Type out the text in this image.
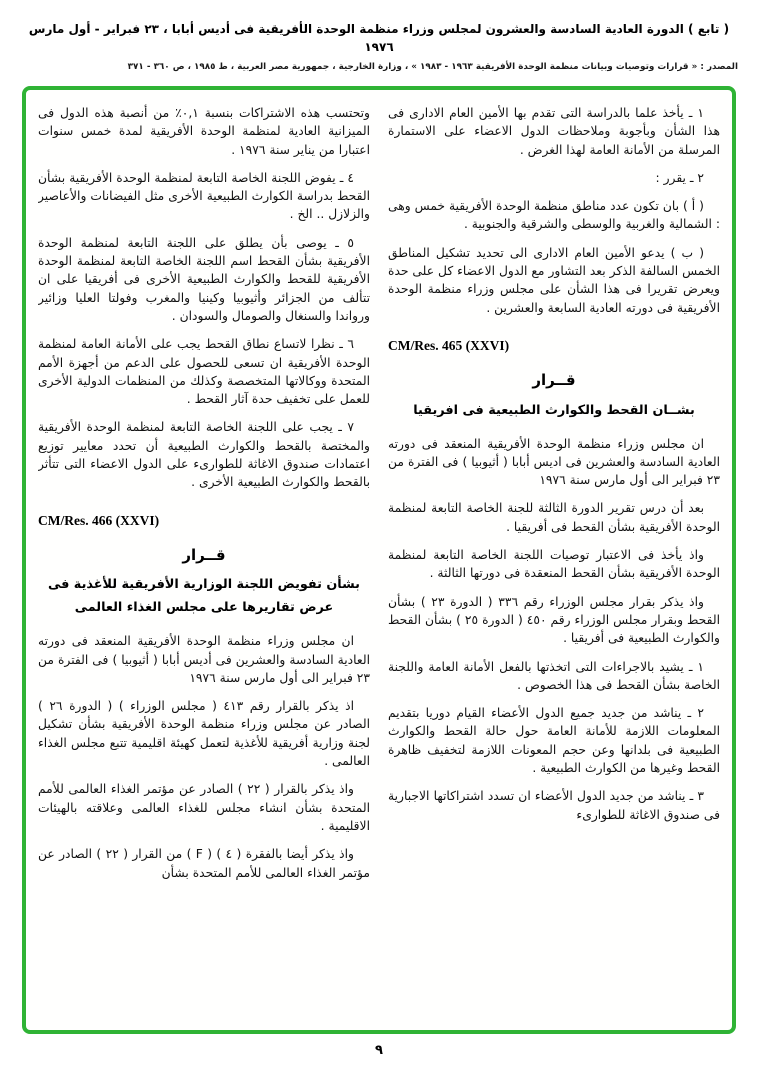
( تابع ) الدورة العادية السادسة والعشرون لمجلس وزراء منظمة الوحدة الأفريقية فى أديس أبابا ، ٢٣ فبراير - أول مارس ١٩٧٦
المصدر : « قرارات وتوصيات وبيانات منظمة الوحدة الأفريقية ١٩٦٣ - ١٩٨٣ » ، وزارة الخارجية ، جمهورية مصر العربية ، ط ١٩٨٥ ، ص ٣٦٠ - ٣٧١

١ ـ يأخذ علما بالدراسة التى تقدم بها الأمين العام الادارى فى هذا الشأن وبأجوبة وملاحظات الدول الاعضاء على الاستمارة المرسلة من الأمانة العامة لهذا الغرض .

٢ ـ يقرر :

( أ ) بان تكون عدد مناطق منظمة الوحدة الأفريقية خمس وهى : الشمالية والغربية والوسطى والشرقية والجنوبية .

( ب ) يدعو الأمين العام الادارى الى تحديد تشكيل المناطق الخمس السالفة الذكر بعد التشاور مع الدول الاعضاء كل على حدة ويعرض تقريرا فى هذا الشأن على مجلس وزراء منظمة الوحدة الأفريقية فى دورته العادية السابعة والعشرين .

CM/Res. 465 (XXVI)

قــرار

بشــان القحط والكوارث الطبيعية فى افريقيا

ان مجلس وزراء منظمة الوحدة الأفريقية المنعقد فى دورته العادية السادسة والعشرين فى اديس أبابا ( أثيوبيا ) فى الفترة من ٢٣ فبراير الى أول مارس سنة ١٩٧٦

بعد أن درس تقرير الدورة الثالثة للجنة الخاصة التابعة لمنظمة الوحدة الأفريقية بشأن القحط فى أفريقيا .

واذ يأخذ فى الاعتبار توصيات اللجنة الخاصة التابعة لمنظمة الوحدة الأفريقية بشأن القحط المنعقدة فى دورتها الثالثة .

واذ يذكر بقرار مجلس الوزراء رقم ٣٣٦ ( الدورة ٢٣ ) بشأن القحط وبقرار مجلس الوزراء رقم ٤٥٠ ( الدورة ٢٥ ) بشأن القحط والكوارث الطبيعية فى أفريقيا .

١ ـ يشيد بالاجراءات التى اتخذتها بالفعل الأمانة العامة واللجنة الخاصة بشأن القحط فى هذا الخصوص .

٢ ـ يناشد من جديد جميع الدول الأعضاء القيام دوريا بتقديم المعلومات اللازمة للأمانة العامة حول حالة القحط والكوارث الطبيعية فى بلدانها وعن حجم المعونات اللازمة لتخفيف ظاهرة القحط وغيرها من الكوارث الطبيعية .

٣ ـ يناشد من جديد الدول الأعضاء ان تسدد اشتراكاتها الاجبارية فى صندوق الاغاثة للطوارىء

وتحتسب هذه الاشتراكات بنسبة ٠,١٪ من أنصبة هذه الدول فى الميزانية العادية لمنظمة الوحدة الأفريقية لمدة خمس سنوات اعتبارا من يناير سنة ١٩٧٦ .

٤ ـ يفوض اللجنة الخاصة التابعة لمنظمة الوحدة الأفريقية بشأن القحط بدراسة الكوارث الطبيعية الأخرى مثل الفيضانات والأعاصير والزلازل .. الخ .

٥ ـ يوصى بأن يطلق على اللجنة التابعة لمنظمة الوحدة الأفريقية بشأن القحط اسم اللجنة الخاصة التابعة لمنظمة الوحدة الأفريقية للقحط والكوارث الطبيعية الأخرى فى أفريقيا على ان تتألف من الجزائر وأثيوبيا وكينيا والمغرب وفولتا العليا وزائير ورواندا والسنغال والصومال والسودان .

٦ ـ نظرا لاتساع نطاق القحط يجب على الأمانة العامة لمنظمة الوحدة الأفريقية ان تسعى للحصول على الدعم من أجهزة الأمم المتحدة ووكالاتها المتخصصة وكذلك من المنظمات الدولية الأخرى للعمل على تخفيف حدة آثار القحط .

٧ ـ يجب على اللجنة الخاصة التابعة لمنظمة الوحدة الأفريقية والمختصة بالقحط والكوارث الطبيعية أن تحدد معايير توزيع اعتمادات صندوق الاغاثة للطوارىء على الدول الاعضاء التى تتأثر بالقحط والكوارث الطبيعية الأخرى .

CM/Res. 466 (XXVI)

قــرار

بشأن تفويض اللجنة الوزارية الأفريقية للأغذية فى عرض تقاريرها على مجلس الغذاء العالمى

ان مجلس وزراء منظمة الوحدة الأفريقية المنعقد فى دورته العادية السادسة والعشرين فى أديس أبابا ( أثيوبيا ) فى الفترة من ٢٣ فبراير الى أول مارس سنة ١٩٧٦

اذ يذكر بالقرار رقم ٤١٣ ( مجلس الوزراء ) ( الدورة ٢٦ ) الصادر عن مجلس وزراء منظمة الوحدة الأفريقية بشأن تشكيل لجنة وزارية أفريقية للأغذية لتعمل كهيئة اقليمية تتبع مجلس الغذاء العالمى .

واذ يذكر بالقرار ( ٢٢ ) الصادر عن مؤتمر الغذاء العالمى للأمم المتحدة بشأن انشاء مجلس للغذاء العالمى وعلاقته بالهيئات الاقليمية .

واذ يذكر أيضا بالفقرة ( ٤ ) ( F ) من القرار ( ٢٢ ) الصادر عن مؤتمر الغذاء العالمى للأمم المتحدة بشأن

٩
